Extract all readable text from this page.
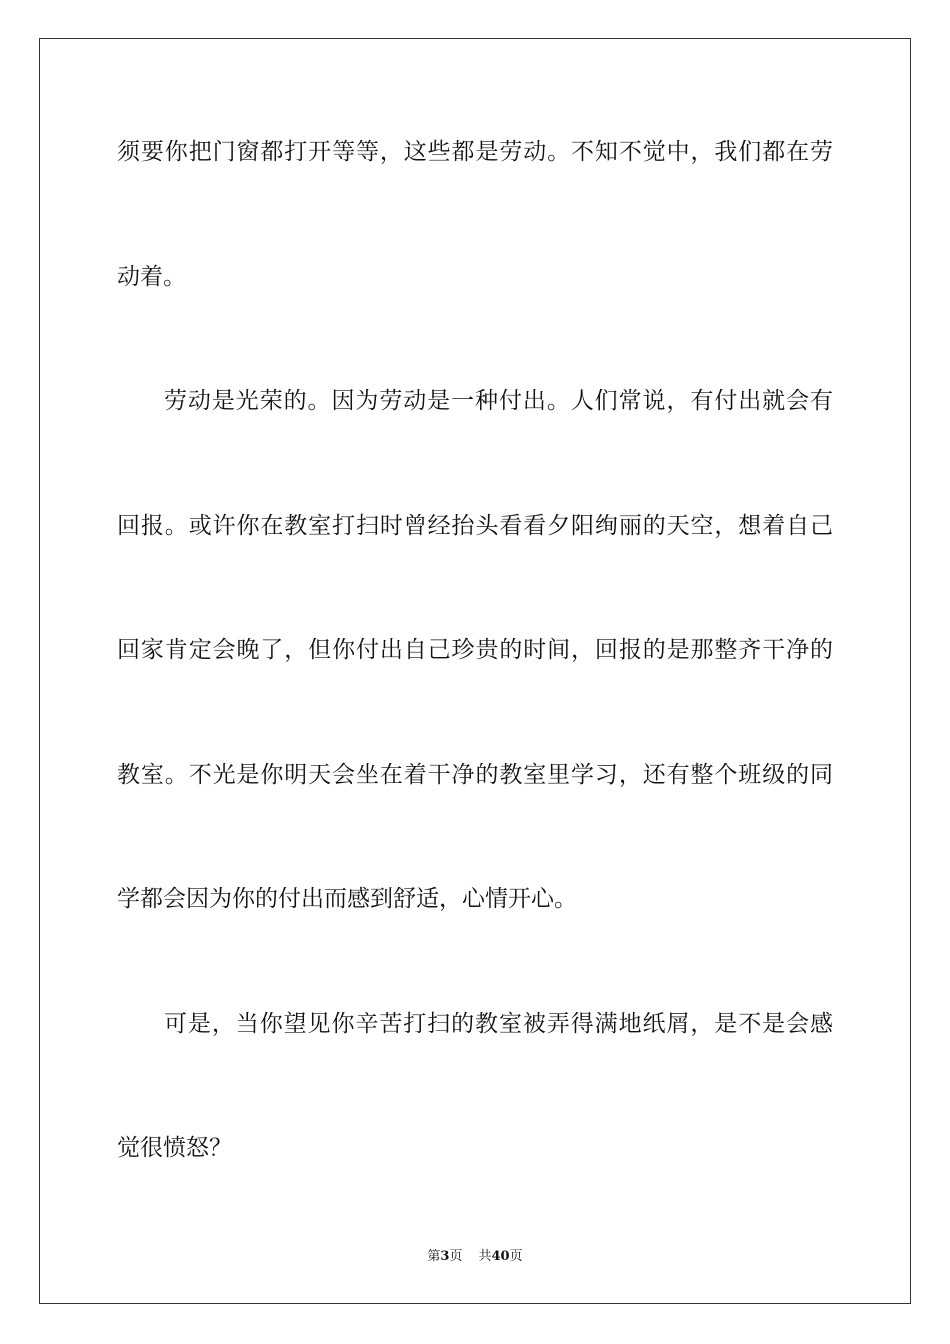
须要你把门窗都打开等等，这些都是劳动。不知不觉中，我们都在劳
动着。
劳动是光荣的。因为劳动是一种付出。人们常说，有付出就会有
回报。或许你在教室打扫时曾经抬头看看夕阳绚丽的天空，想着自己
回家肯定会晚了，但你付出自己珍贵的时间，回报的是那整齐干净的
教室。不光是你明天会坐在着干净的教室里学习，还有整个班级的同
学都会因为你的付出而感到舒适，心情开心。
可是，当你望见你辛苦打扫的教室被弄得满地纸屑，是不是会感
觉很愤怒？
第3页 共40页
